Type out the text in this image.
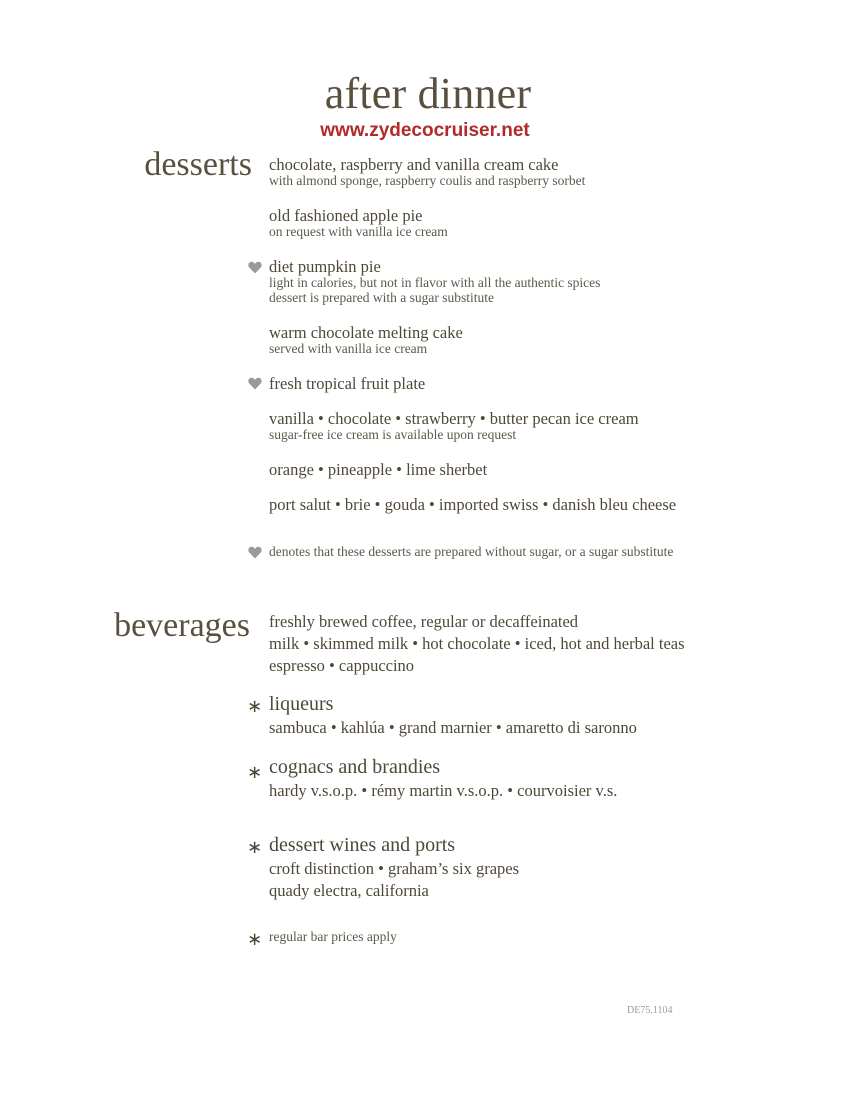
after dinner
www.zydecocruiser.net
desserts chocolate, raspberry and vanilla cream cake
with almond sponge, raspberry coulis and raspberry sorbet
old fashioned apple pie
on request with vanilla ice cream
diet pumpkin pie
light in calories, but not in flavor with all the authentic spices
dessert is prepared with a sugar substitute
warm chocolate melting cake
served with vanilla ice cream
fresh tropical fruit plate
vanilla • chocolate • strawberry • butter pecan ice cream
sugar-free ice cream is available upon request
orange • pineapple • lime sherbet
port salut • brie • gouda • imported swiss • danish bleu cheese
denotes that these desserts are prepared without sugar, or a sugar substitute
beverages freshly brewed coffee, regular or decaffeinated
milk • skimmed milk • hot chocolate • iced, hot and herbal teas
espresso • cappuccino
∗ liqueurs
sambuca • kahlúa • grand marnier • amaretto di saronno
∗ cognacs and brandies
hardy v.s.o.p. • rémy martin v.s.o.p. • courvoisier v.s.
∗ dessert wines and ports
croft distinction • graham’s six grapes
quady electra, california
∗ regular bar prices apply
DE75.1104
